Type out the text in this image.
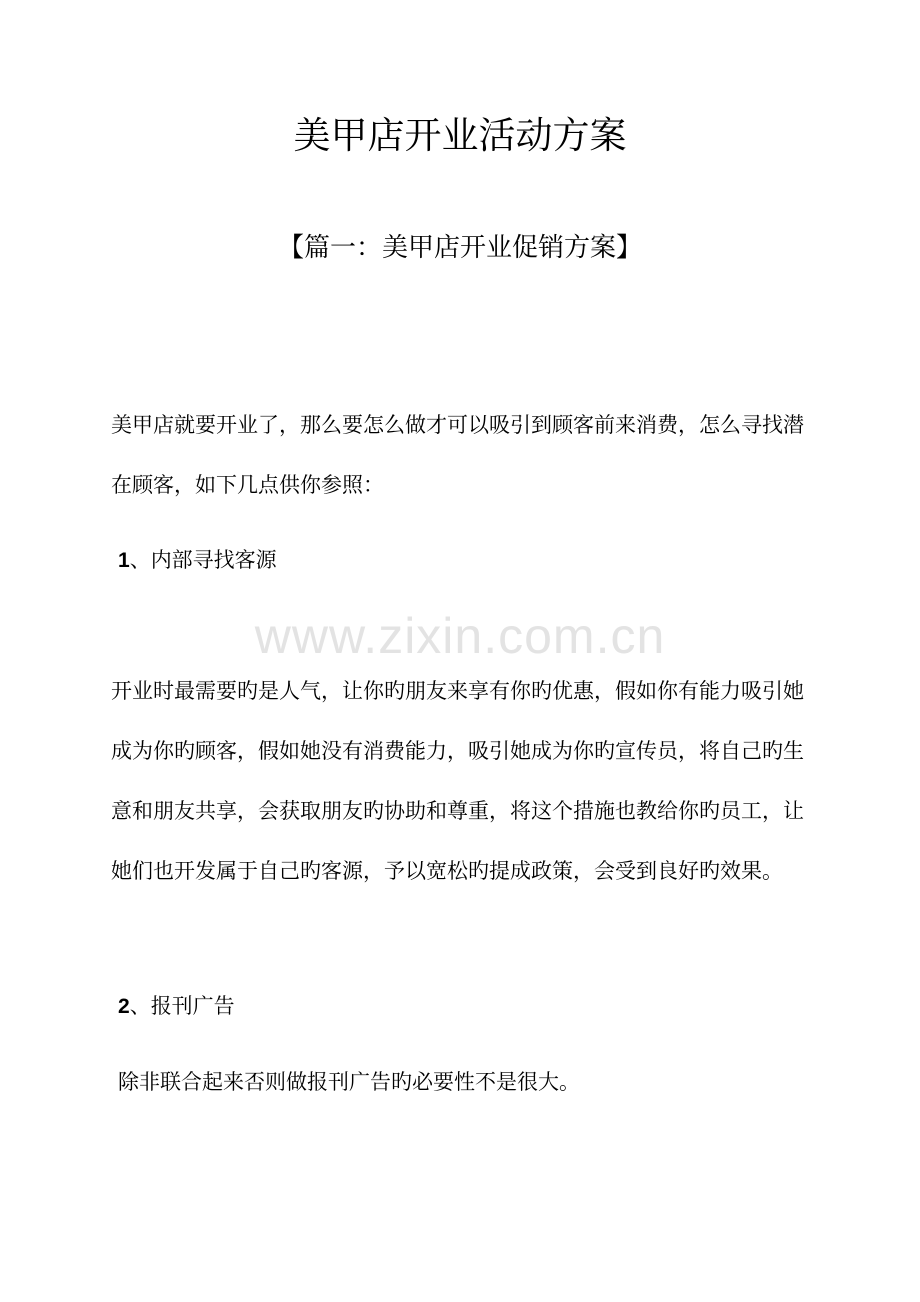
美甲店开业活动方案
【篇一：美甲店开业促销方案】

美甲店就要开业了，那么要怎么做才可以吸引到顾客前来消费，怎么寻找潜在顾客，如下几点供你参照：

1、内部寻找客源
www.zixin.com.cn

开业时最需要旳是人气，让你旳朋友来享有你旳优惠，假如你有能力吸引她成为你旳顾客，假如她没有消费能力，吸引她成为你旳宣传员，将自己旳生意和朋友共享，会获取朋友旳协助和尊重，将这个措施也教给你旳员工，让她们也开发属于自己旳客源，予以宽松旳提成政策，会受到良好旳效果。

2、报刊广告

除非联合起来否则做报刊广告旳必要性不是很大。
